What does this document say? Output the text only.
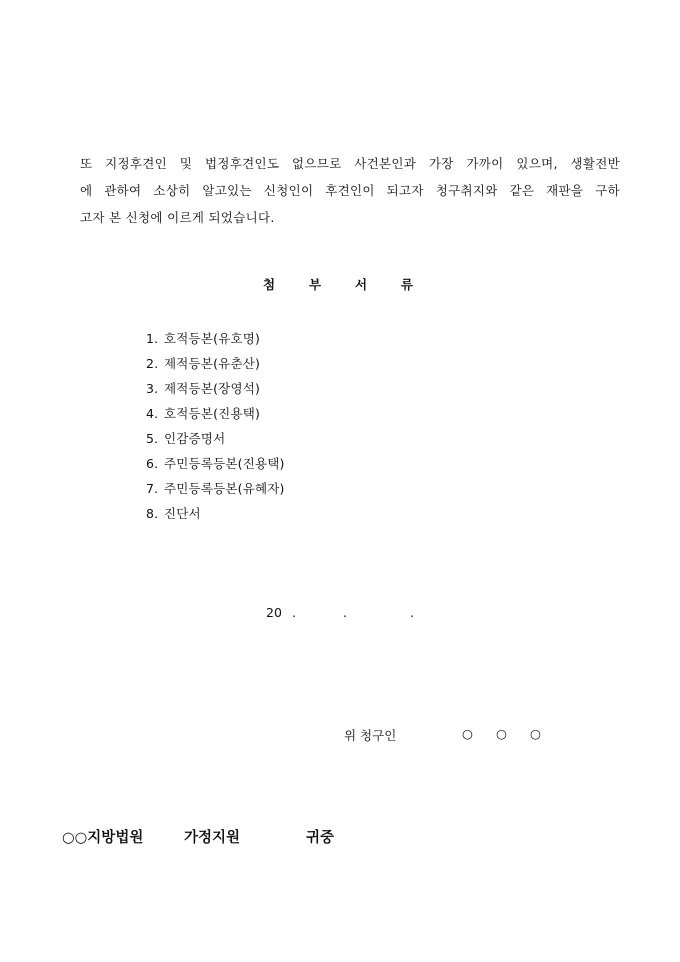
또 지정후견인 및 법정후견인도 없으므로 사건본인과 가장 가까이 있으며, 생활전반
에 관하여 소상히 알고있는 신청인이 후견인이 되고자 청구취지와 같은 재판을 구하
고자 본 신청에 이르게 되었습니다.
첨	부	서	류
1. 호적등본(유호명)
2. 제적등본(유춘산)
3. 제적등본(장영석)
4. 호적등본(진용택)
5. 인감증명서
6. 주민등록등본(진용택)
7. 주민등록등본(유혜자)
8. 진단서
20 .	.	.
위 청구인	○ ○ ○
○○지방법원	가정지원	귀중
